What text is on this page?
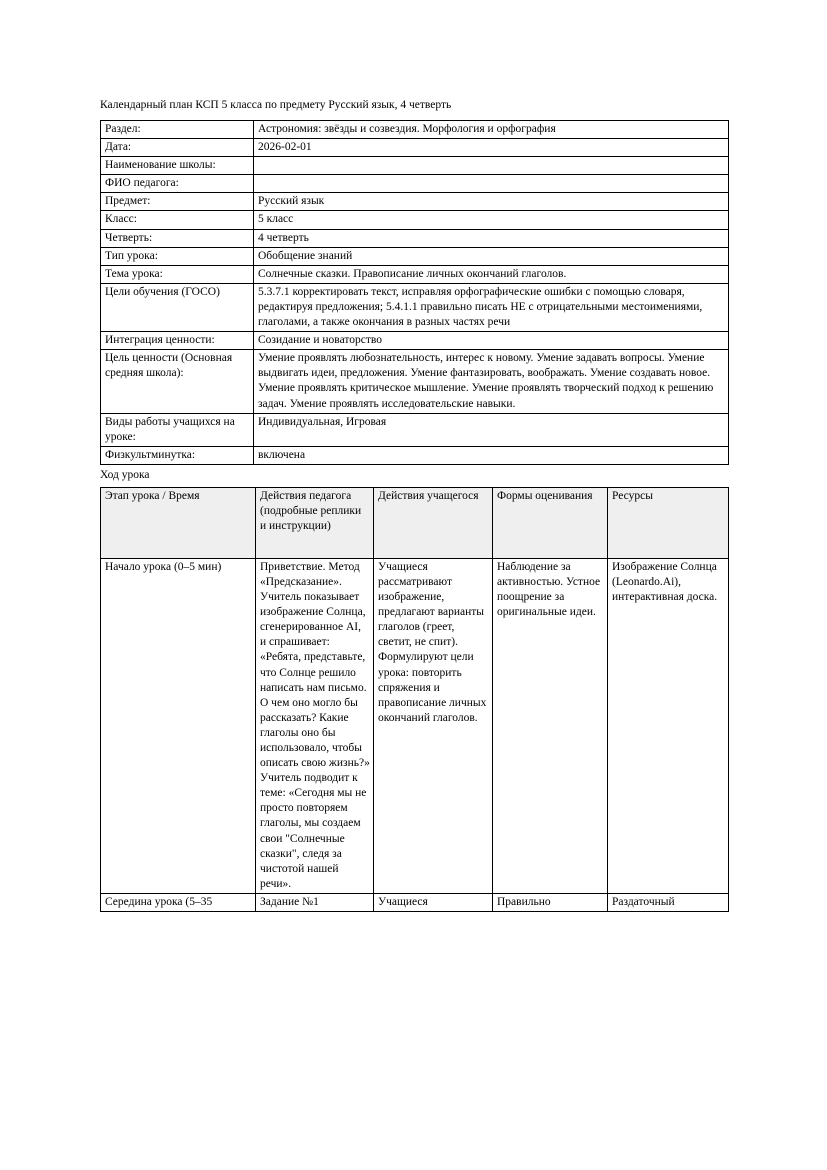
Календарный план КСП 5 класса по предмету Русский язык, 4 четверть

Раздел:	Астрономия: звёзды и созвездия. Морфология и орфография
Дата:	2026-02-01
Наименование школы:	
ФИО педагога:	
Предмет:	Русский язык
Класс:	5 класс
Четверть:	4 четверть
Тип урока:	Обобщение знаний
Тема урока:	Солнечные сказки. Правописание личных окончаний глаголов.
Цели обучения (ГОСО)	5.3.7.1 корректировать текст, исправляя орфографические ошибки с помощью словаря, редактируя предложения; 5.4.1.1 правильно писать НЕ с отрицательными местоимениями, глаголами, а также окончания в разных частях речи
Интеграция ценности:	Созидание и новаторство
Цель ценности (Основная средняя школа):	Умение проявлять любознательность, интерес к новому. Умение задавать вопросы. Умение выдвигать идеи, предложения. Умение фантазировать, воображать. Умение создавать новое. Умение проявлять критическое мышление. Умение проявлять творческий подход к решению задач. Умение проявлять исследовательские навыки.
Виды работы учащихся на уроке:	Индивидуальная, Игровая
Физкультминутка:	включена

Ход урока

Этап урока / Время	Действия педагога (подробные реплики и инструкции)	Действия учащегося	Формы оценивания	Ресурсы
Начало урока (0–5 мин)	Приветствие. Метод «Предсказание». Учитель показывает изображение Солнца, сгенерированное AI, и спрашивает: «Ребята, представьте, что Солнце решило написать нам письмо. О чем оно могло бы рассказать? Какие глаголы оно бы использовало, чтобы описать свою жизнь?» Учитель подводит к теме: «Сегодня мы не просто повторяем глаголы, мы создаем свои "Солнечные сказки", следя за чистотой нашей речи».	Учащиеся рассматривают изображение, предлагают варианты глаголов (греет, светит, не спит). Формулируют цели урока: повторить спряжения и правописание личных окончаний глаголов.	Наблюдение за активностью. Устное поощрение за оригинальные идеи.	Изображение Солнца (Leonardo.Ai), интерактивная доска.
Середина урока (5–35	Задание №1	Учащиеся	Правильно	Раздаточный
